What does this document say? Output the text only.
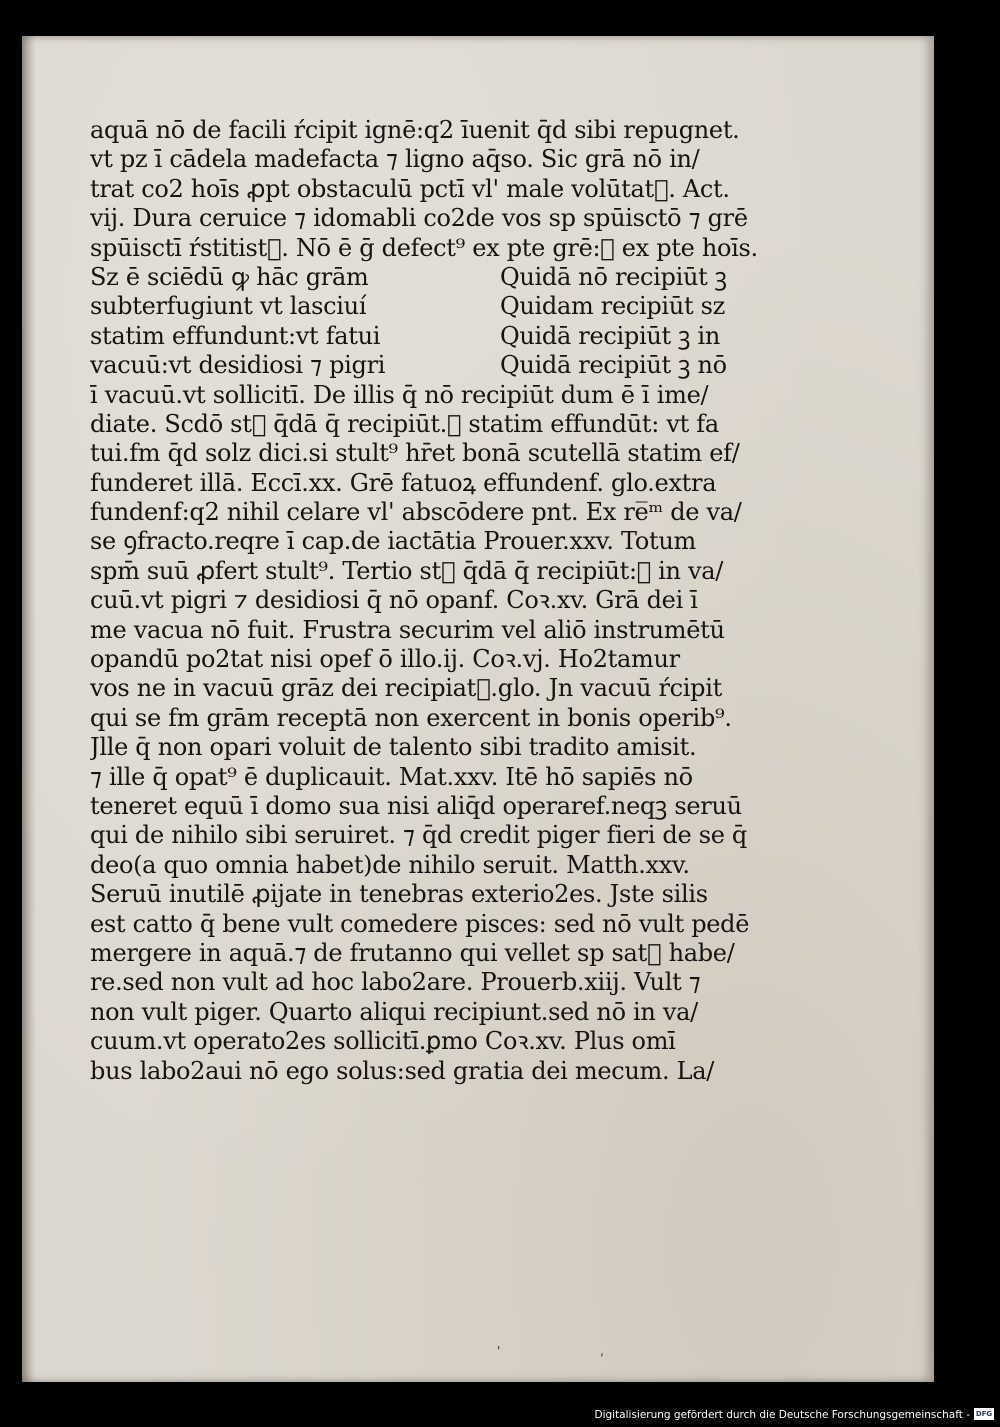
aquā nō de facili ŕcipit ignē:q2 īuenit q̄d sibi repugnet.
vt pz ī cādela madefacta ⁊ ligno aq̄so. Sic grā nō in/
trat co2 hoīs ꝓpt obstaculū pctī vl' male volūtat᷑. Act.
vij. Dura ceruice ⁊ idomabli co2de vos sp spūisctō ⁊ grē
spūisctī ŕstitist᷑. Nō ē ḡ defect⁹ ex pte grē:ꝫ ex pte hoīs.
Sz ē sciēdū ꝙ hāc grām	Quidā nō recipiūt ꝫ
subterfugiunt vt lasciuí	Quidam recipiūt sz
statim effundunt:vt fatui	Quidā recipiūt ꝫ in
vacuū:vt desidiosi ⁊ pigri	Quidā recipiūt ꝫ nō
ī vacuū.vt sollicitī. De illis q̄ nō recipiūt dum ē ī ime/
diate. Scdō st᷑ q̄dā q̄ recipiūt.ꝫ statim effundūt: vt fa
tui.fm q̄d solz dici.si stult⁹ hr̄et bonā scutellā statim ef/
funderet illā. Eccī.xx. Grē fatuoꝝ effundenf. glo.extra
fundenf:q2 nihil celare vl' abscōdere pnt. Ex re̅ᵐ de va/
se ꝯfracto.reqre ī cap.de iactātia Prouer.xxv. Totum
spm̄ suū ꝓfert stult⁹. Tertio st᷑ q̄dā q̄ recipiūt:ꝫ in va/
cuū.vt pigri ⁊ desidiosi q̄ nō opanf. Coꝛ.xv. Grā dei ī
me vacua nō fuit. Frustra securim vel aliō instrumētū
opandū po2tat nisi opef ō illo.ij. Coꝛ.vj. Ho2tamur
vos ne in vacuū grāz dei recipiat᷑.glo. Jn vacuū ŕcipit
qui se fm grām receptā non exercent in bonis operib⁹.
Jlle q̄ non opari voluit de talento sibi tradito amisit.
⁊ ille q̄ opat⁹ ē duplicauit. Mat.xxv. Itē hō sapiēs nō
teneret equū ī domo sua nisi aliq̄d operaref.neqꝫ seruū
qui de nihilo sibi seruiret. ⁊ q̄d credit piger fieri de se q̄
deo(a quo omnia habet)de nihilo seruit. Matth.xxv.
Seruū inutilē ꝓijate in tenebras exterio2es. Jste silis
est catto q̄ bene vult comedere pisces: sed nō vult pedē
mergere in aquā.⁊ de frutanno qui vellet sp sat᷑ habe/
re.sed non vult ad hoc labo2are. Prouerb.xiij. Vult ⁊
non vult piger. Quarto aliqui recipiunt.sed nō in va/
cuum.vt operato2es sollicitī.ꝑmo Coꝛ.xv. Plus omī
bus labo2aui nō ego solus:sed gratia dei mecum. La/
' ,
Digitalisierung gefördert durch die Deutsche Forschungsgemeinschaft - DFG
